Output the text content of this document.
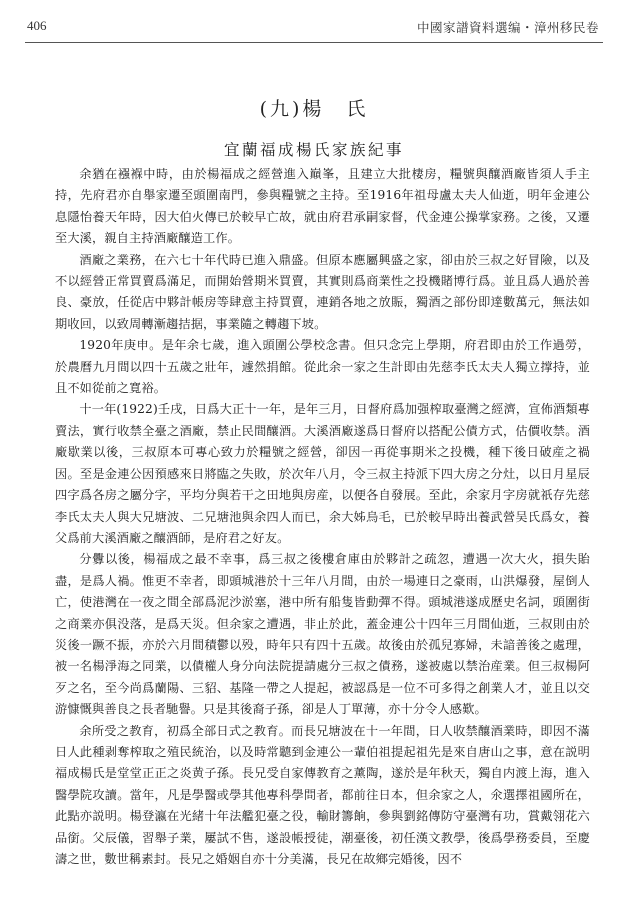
406	中國家譜資料選编・漳州移民卷
(九)楊　氏
宜蘭福成楊氏家族紀事

余猶在襁褓中時，由於楊福成之經營進入巔峯，且建立大批棲房，糧號與釀酒廠皆須人手主持，先府君亦自舉家遷至頭圍南門，參與糧號之主持。至1916年祖母盧太夫人仙逝，明年金連公息隱怡養天年時，因大伯火傳已於較早亡故，就由府君承嗣家督，代金連公操掌家務。之後，又遷至大溪，親自主持酒廠釀造工作。

酒廠之業務，在六七十年代時已進入鼎盛。但原本應屬興盛之家，卻由於三叔之好冒險，以及不以經營正常買賣爲滿足，而開始營期米買賣，其實則爲商業性之投機賭博行爲。並且爲人過於善良、豪放，任從店中夥計帳房等肆意主持買賣，連銷各地之放賑，獨酒之部份即達數萬元，無法如期收回，以致周轉漸趨拮据，事業隨之轉趨下坡。

1920年庚申。是年余七歲，進入頭圍公學校念書。但只念完上學期，府君即由於工作過勞，於農曆九月間以四十五歲之壯年，遽然捐館。從此余一家之生計即由先慈李氏太夫人獨立撑持，並且不如從前之寬裕。

十一年(1922)壬戌，日爲大正十一年，是年三月，日督府爲加强榨取臺灣之經濟，宣佈酒類專賣法，實行收禁全臺之酒廠，禁止民間釀酒。大溪酒廠遂爲日督府以搭配公債方式，估價收禁。酒廠歇業以後，三叔原本可專心致力於糧號之經營，卻因一再從事期米之投機，種下後日破産之禍因。至是金連公因預感來日將臨之失敗，於次年八月，令三叔主持派下四大房之分灶，以日月星辰四字爲各房之屬分字，平均分與若干之田地與房産，以便各自發展。至此，余家月字房就祇存先慈李氏太夫人與大兄塘波、二兄塘池與余四人而已，余大姊烏毛，已於較早時出養武營吴氏爲女，養父爲前大溪酒廠之釀酒師，是府君之好友。

分釁以後，楊福成之最不幸事，爲三叔之後樓倉庫由於夥計之疏忽，遭遇一次大火，損失貽盡，是爲人禍。惟更不幸者，即頭城港於十三年八月間，由於一場連日之豪雨，山洪爆發，屋倒人亡，使港灣在一夜之間全部爲泥沙淤塞，港中所有船隻皆動彈不得。頭城港遂成歷史名詞，頭圍街之商業亦俱没落，是爲天災。但余家之遭遇，非止於此，蓋金連公十四年三月間仙逝，三叔則由於災後一蹶不振，亦於六月間積鬱以殁，時年只有四十五歲。故後由於孤兒寡婦，未諳善後之處理，被一名楊淨海之同業，以債權人身分向法院提請處分三叔之債務，遂被處以禁治産業。但三叔楊阿歹之名，至今尚爲蘭陽、三貂、基隆一帶之人提起，被認爲是一位不可多得之創業人才，並且以交游慷慨與善良之長者馳譽。只是其後裔子孫，卻是人丁單薄，亦十分令人感歎。

余所受之教育，初爲全部日式之教育。而長兄塘波在十一年間，日人收禁釀酒業時，即因不滿日人此種剥奪榨取之殖民統治，以及時常聽到金連公一輩伯祖提起祖先是來自唐山之事，意在説明福成楊氏是堂堂正正之炎黄子孫。長兄受自家傳教育之薰陶，遂於是年秋天，獨自内渡上海，進入醫學院攻讀。當年，凡是學醫或學其他專科學問者，都前往日本，但余家之人，氽選擇祖國所在，此點亦説明。楊登瀛在光緒十年法艦犯臺之役，輸財籌餉，參與劉銘傳防守臺灣有功，賞戴翎花六品銜。父辰儀，習舉子業，屢試不售，遂設帳授徒，潮臺後，初任漢文教學，後爲學務委員，至慶濤之世，數世稱素封。長兄之婚姻自亦十分美滿，長兄在故鄉完婚後，因不
